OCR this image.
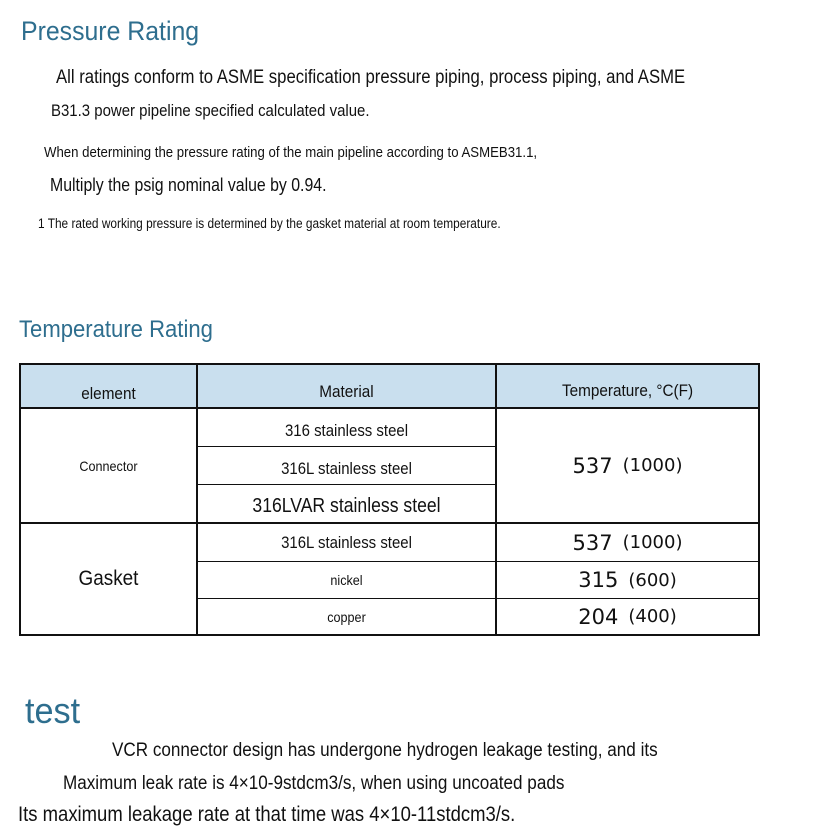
Pressure Rating
All ratings conform to ASME specification pressure piping, process piping, and ASME
B31.3 power pipeline specified calculated value.
When determining the pressure rating of the main pipeline according to ASMEB31.1,
Multiply the psig nominal value by 0.94.
1 The rated working pressure is determined by the gasket material at room temperature.
Temperature Rating
element	Material	Temperature, °C(F)
Connector
316 stainless steel
316L stainless steel
316LVAR stainless steel
537 (1000)
Gasket
316L stainless steel
nickel
copper
537 (1000)
315 (600)
204 (400)
test
VCR connector design has undergone hydrogen leakage testing, and its
Maximum leak rate is 4×10-9stdcm3/s, when using uncoated pads
Its maximum leakage rate at that time was 4×10-11stdcm3/s.
